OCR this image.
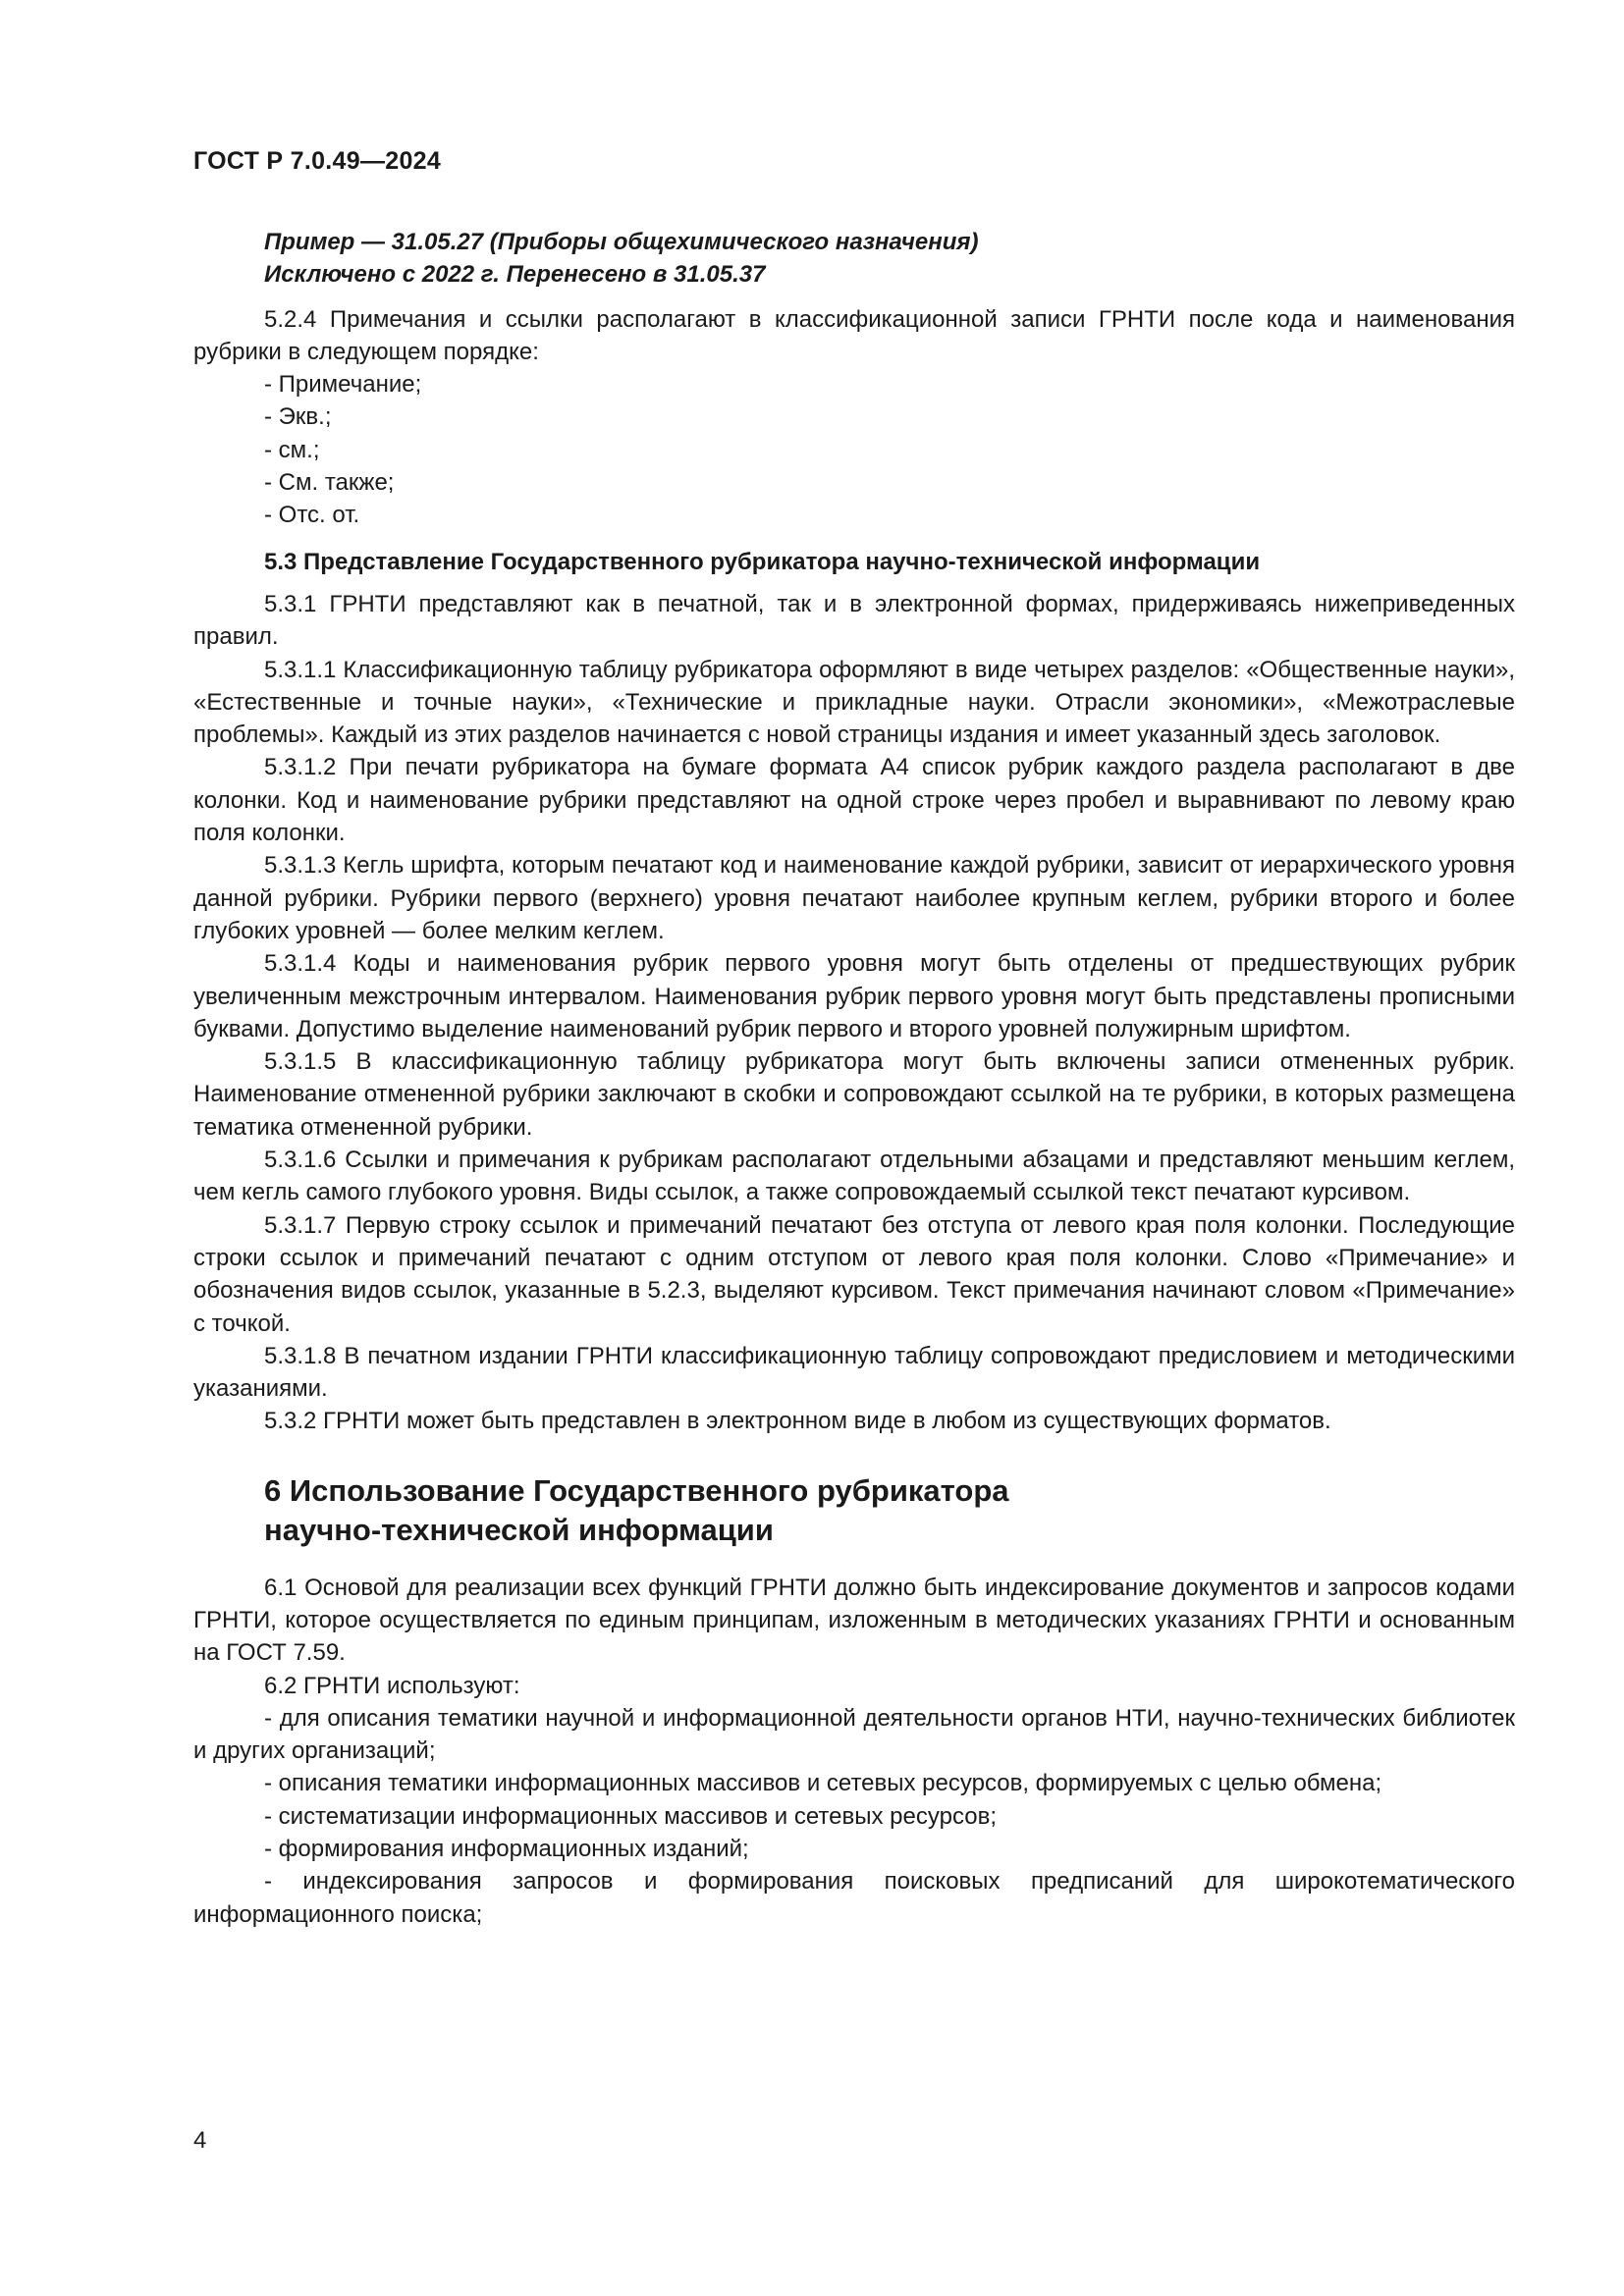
ГОСТ Р 7.0.49—2024

Пример — 31.05.27 (Приборы общехимического назначения)

Исключено с 2022 г. Перенесено в 31.05.37

5.2.4 Примечания и ссылки располагают в классификационной записи ГРНТИ после кода и наименования рубрики в следующем порядке:

- Примечание;

- Экв.;

- см.;

- См. также;

- Отс. от.

5.3 Представление Государственного рубрикатора научно-технической информации

5.3.1 ГРНТИ представляют как в печатной, так и в электронной формах, придерживаясь нижеприведенных правил.

5.3.1.1 Классификационную таблицу рубрикатора оформляют в виде четырех разделов: «Общественные науки», «Естественные и точные науки», «Технические и прикладные науки. Отрасли экономики», «Межотраслевые проблемы». Каждый из этих разделов начинается с новой страницы издания и имеет указанный здесь заголовок.

5.3.1.2 При печати рубрикатора на бумаге формата А4 список рубрик каждого раздела располагают в две колонки. Код и наименование рубрики представляют на одной строке через пробел и выравнивают по левому краю поля колонки.

5.3.1.3 Кегль шрифта, которым печатают код и наименование каждой рубрики, зависит от иерархического уровня данной рубрики. Рубрики первого (верхнего) уровня печатают наиболее крупным кеглем, рубрики второго и более глубоких уровней — более мелким кеглем.

5.3.1.4 Коды и наименования рубрик первого уровня могут быть отделены от предшествующих рубрик увеличенным межстрочным интервалом. Наименования рубрик первого уровня могут быть представлены прописными буквами. Допустимо выделение наименований рубрик первого и второго уровней полужирным шрифтом.

5.3.1.5 В классификационную таблицу рубрикатора могут быть включены записи отмененных рубрик. Наименование отмененной рубрики заключают в скобки и сопровождают ссылкой на те рубрики, в которых размещена тематика отмененной рубрики.

5.3.1.6 Ссылки и примечания к рубрикам располагают отдельными абзацами и представляют меньшим кеглем, чем кегль самого глубокого уровня. Виды ссылок, а также сопровождаемый ссылкой текст печатают курсивом.

5.3.1.7 Первую строку ссылок и примечаний печатают без отступа от левого края поля колонки. Последующие строки ссылок и примечаний печатают с одним отступом от левого края поля колонки. Слово «Примечание» и обозначения видов ссылок, указанные в 5.2.3, выделяют курсивом. Текст примечания начинают словом «Примечание» с точкой.

5.3.1.8 В печатном издании ГРНТИ классификационную таблицу сопровождают предисловием и методическими указаниями.

5.3.2 ГРНТИ может быть представлен в электронном виде в любом из существующих форматов.

6 Использование Государственного рубрикатора
научно-технической информации

6.1 Основой для реализации всех функций ГРНТИ должно быть индексирование документов и запросов кодами ГРНТИ, которое осуществляется по единым принципам, изложенным в методических указаниях ГРНТИ и основанным на ГОСТ 7.59.

6.2 ГРНТИ используют:

- для описания тематики научной и информационной деятельности органов НТИ, научно-технических библиотек и других организаций;

- описания тематики информационных массивов и сетевых ресурсов, формируемых с целью обмена;

- систематизации информационных массивов и сетевых ресурсов;

- формирования информационных изданий;

- индексирования запросов и формирования поисковых предписаний для широкотематического информационного поиска;

4
